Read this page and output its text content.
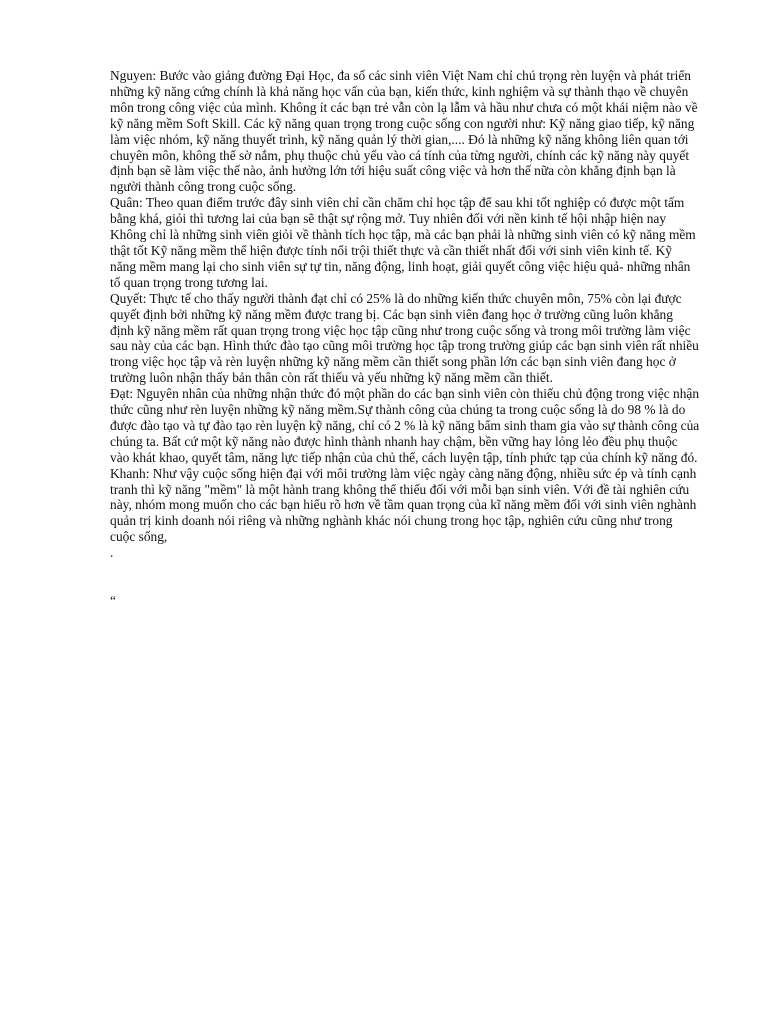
Nguyen: Bước vào giảng đường Đại Học, đa số các sinh viên Việt Nam chỉ chú trọng rèn luyện và phát triển những kỹ năng cứng chính là khả năng học vấn của bạn, kiến thức, kinh nghiệm và sự thành thạo về chuyên môn trong công việc của mình. Không ít các bạn trẻ vẫn còn lạ lẫm và hầu như chưa có một khái niệm nào về kỹ năng mềm Soft Skill. Các kỹ năng quan trọng trong cuộc sống con người như: Kỹ năng giao tiếp, kỹ năng làm việc nhóm, kỹ năng thuyết trình, kỹ năng quản lý thời gian,.... Đó là những kỹ năng không liên quan tới chuyên môn, không thể sờ nắm, phụ thuộc chủ yếu vào cá tính của từng người, chính các kỹ năng này quyết định bạn sẽ làm việc thế nào, ảnh hưởng lớn tới hiệu suất công việc và hơn thế nữa còn khẳng định bạn là người thành công trong cuộc sống.

Quân: Theo quan điểm trước đây sinh viên chỉ cần chăm chỉ học tập để sau khi tốt nghiệp có được một tấm bằng khá, giỏi thì tương lai của bạn sẽ thật sự rộng mở. Tuy nhiên đối với nền kinh tế hội nhập hiện nay Không chỉ là những sinh viên giỏi về thành tích học tập, mà các bạn phải là những sinh viên có kỹ năng mềm thật tốt Kỹ năng mềm thể hiện được tính nổi trội thiết thực và cần thiết nhất đối với sinh viên kinh tế. Kỹ năng mềm mang lại cho sinh viên sự tự tin, năng động, linh hoạt, giải quyết công việc hiệu quả- những nhân tố quan trọng trong tương lai.

Quyết: Thực tế cho thấy người thành đạt chỉ có 25% là do những kiến thức chuyên môn, 75% còn lại được quyết định bởi những kỹ năng mềm được trang bị. Các bạn sinh viên đang học ở trường cũng luôn khẳng định kỹ năng mềm rất quan trọng trong việc học tập cũng như trong cuộc sống và trong môi trường làm việc sau này của các bạn. Hình thức đào tạo cũng môi trường học tập trong trường giúp các bạn sinh viên rất nhiều trong việc học tập và rèn luyện những kỹ năng mềm cần thiết song phần lớn các bạn sinh viên đang học ở trường luôn nhận thấy bản thân còn rất thiếu và yếu những kỹ năng mềm cần thiết.

Đạt: Nguyên nhân của những nhận thức đó một phần do các bạn sinh viên còn thiếu chủ động trong việc nhận thức cũng như rèn luyện những kỹ năng mềm.Sự thành công của chúng ta trong cuộc sống là do 98 % là do được đào tạo và tự đào tạo rèn luyện kỹ năng, chỉ có 2 % là kỹ năng bẩm sinh tham gia vào sự thành công của chúng ta. Bất cứ một kỹ năng nào được hình thành nhanh hay chậm, bền vững hay lỏng lẻo đều phụ thuộc vào khát khao, quyết tâm, năng lực tiếp nhận của chủ thể, cách luyện tập, tính phức tạp của chính kỹ năng đó.

Khanh: Như vậy cuộc sống hiện đại với môi trường làm việc ngày càng năng động, nhiều sức ép và tính cạnh tranh thì kỹ năng "mềm" là một hành trang không thể thiếu đối với mỗi bạn sinh viên. Với đề tài nghiên cứu này, nhóm mong muốn cho các bạn hiểu rõ hơn về tầm quan trọng của kĩ năng mềm đối với sinh viên nghành quản trị kinh doanh nói riêng và những nghành khác nói chung trong học tập, nghiên cứu cũng như trong cuộc sống,

.

“
